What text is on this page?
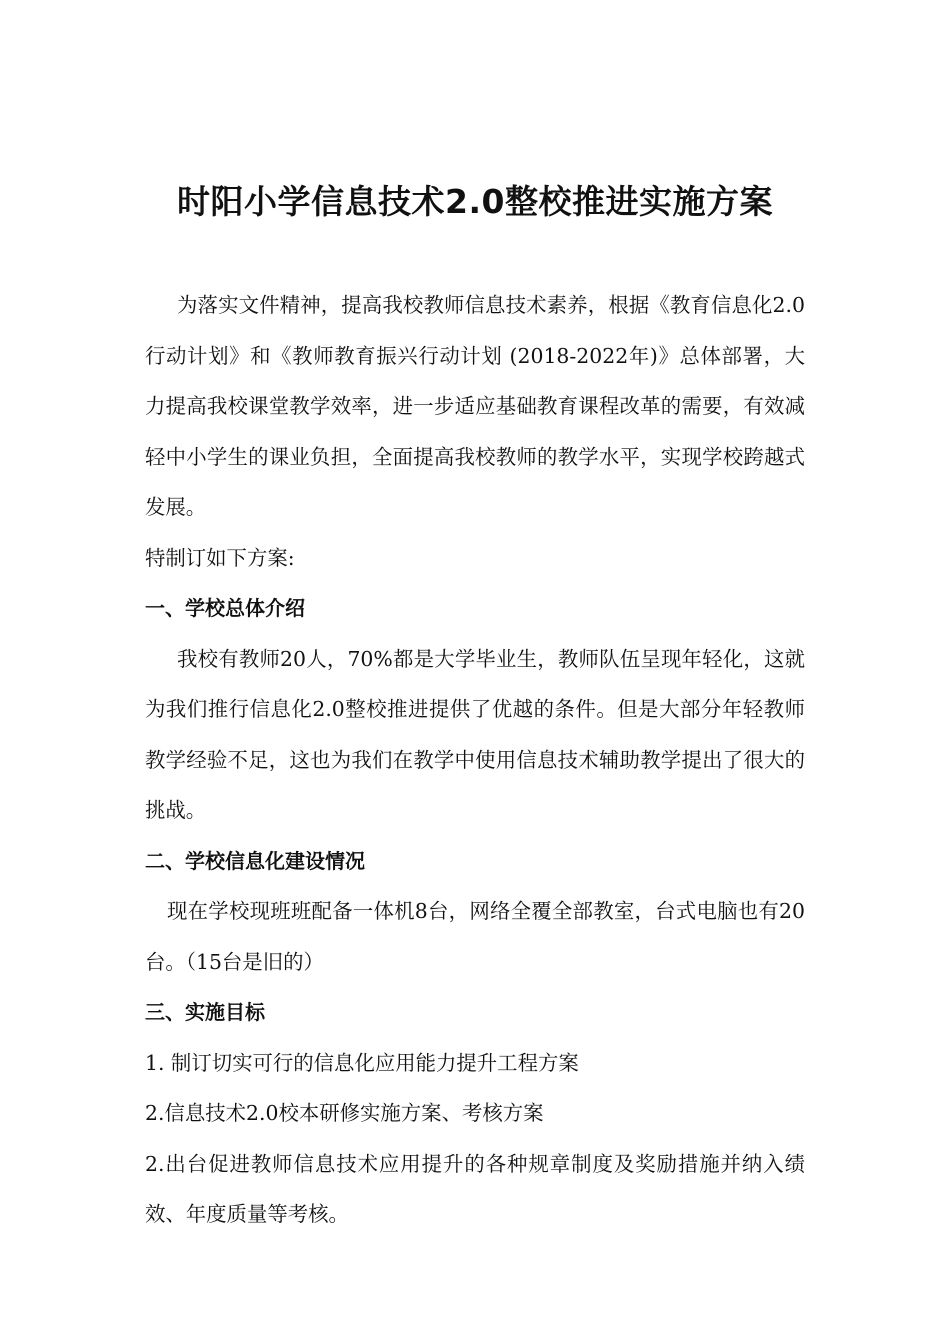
时阳小学信息技术2.0整校推进实施方案

为落实文件精神，提高我校教师信息技术素养，根据《教育信息化2.0行动计划》和《教师教育振兴行动计划 (2018-2022年)》总体部署，大力提高我校课堂教学效率，进一步适应基础教育课程改革的需要，有效减轻中小学生的课业负担，全面提高我校教师的教学水平，实现学校跨越式发展。

特制订如下方案:

一、学校总体介绍

我校有教师20人，70%都是大学毕业生，教师队伍呈现年轻化，这就为我们推行信息化2.0整校推进提供了优越的条件。但是大部分年轻教师教学经验不足，这也为我们在教学中使用信息技术辅助教学提出了很大的挑战。

二、学校信息化建设情况

现在学校现班班配备一体机8台，网络全覆全部教室，台式电脑也有20台。（15台是旧的）

三、实施目标

1. 制订切实可行的信息化应用能力提升工程方案

2.信息技术2.0校本研修实施方案、考核方案

2.出台促进教师信息技术应用提升的各种规章制度及奖励措施并纳入绩效、年度质量等考核。
